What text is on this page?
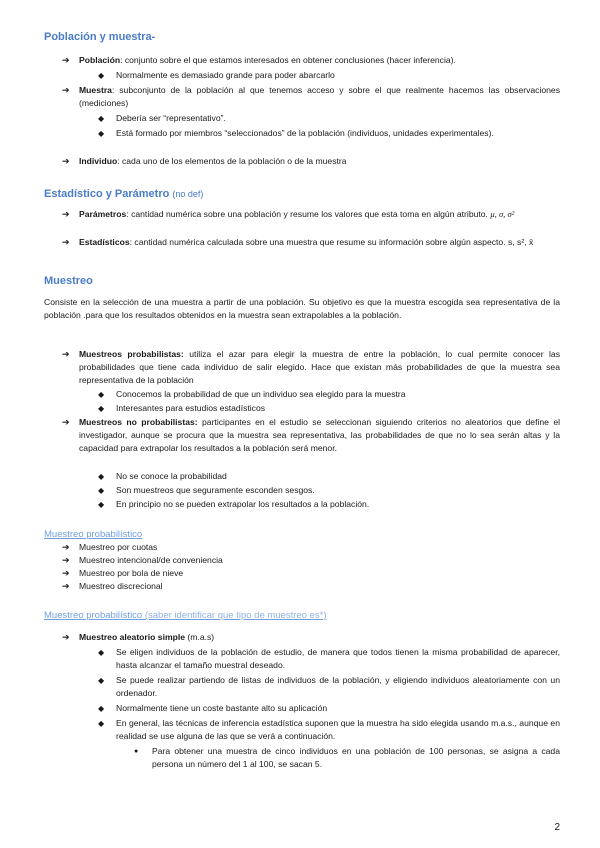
Población y muestra-
➔ Población: conjunto sobre el que estamos interesados en obtener conclusiones (hacer inferencia).
◆ Normalmente es demasiado grande para poder abarcarlo
➔ Muestra: subconjunto de la población al que tenemos acceso y sobre el que realmente hacemos las observaciones (mediciones)
◆ Debería ser “representativo”.
◆ Está formado por miembros “seleccionados” de la población (individuos, unidades experimentales).
➔ Individuo: cada uno de los elementos de la población o de la muestra
Estadístico y Parámetro (no def)
➔ Parámetros: cantidad numérica sobre una población y resume los valores que esta toma en algún atributo. μ, σ, σ²
➔ Estadísticos: cantidad numérica calculada sobre una muestra que resume su información sobre algún aspecto. s, s², x̄
Muestreo
Consiste en la selección de una muestra a partir de una población. Su objetivo es que la muestra escogida sea representativa de la población .para que los resultados obtenidos en la muestra sean extrapolables a la población.
➔ Muestreos probabilistas: utiliza el azar para elegir la muestra de entre la población, lo cual permite conocer las probabilidades que tiene cada individuo de salir elegido. Hace que existan más probabilidades de que la muestra sea representativa de la población
◆ Conocemos la probabilidad de que un individuo sea elegido para la muestra
◆ Interesantes para estudios estadísticos
➔ Muestreos no probabilistas: participantes en el estudio se seleccionan siguiendo criterios no aleatorios que define el investigador, aunque se procura que la muestra sea representativa, las probabilidades de que no lo sea serán altas y la capacidad para extrapolar los resultados a la población será menor.
◆ No se conoce la probabilidad
◆ Son muestreos que seguramente esconden sesgos.
◆ En principio no se pueden extrapolar los resultados a la población.
Muestreo probabilístico
➔ Muestreo por cuotas
➔ Muestreo intencional/de conveniencia
➔ Muestreo por bola de nieve
➔ Muestreo discrecional
Muestreo probabilístico (saber identificar que tipo de muestreo es*)
➔ Muestreo aleatorio simple (m.a.s)
◆ Se eligen individuos de la población de estudio, de manera que todos tienen la misma probabilidad de aparecer, hasta alcanzar el tamaño muestral deseado.
◆ Se puede realizar partiendo de listas de individuos de la población, y eligiendo individuos aleatoriamente con un ordenador.
◆ Normalmente tiene un coste bastante alto su aplicación
◆ En general, las técnicas de inferencia estadística suponen que la muestra ha sido elegida usando m.a.s., aunque en realidad se use alguna de las que se verá a continuación.
● Para obtener una muestra de cinco individuos en una población de 100 personas, se asigna a cada persona un número del 1 al 100, se sacan 5.
2
